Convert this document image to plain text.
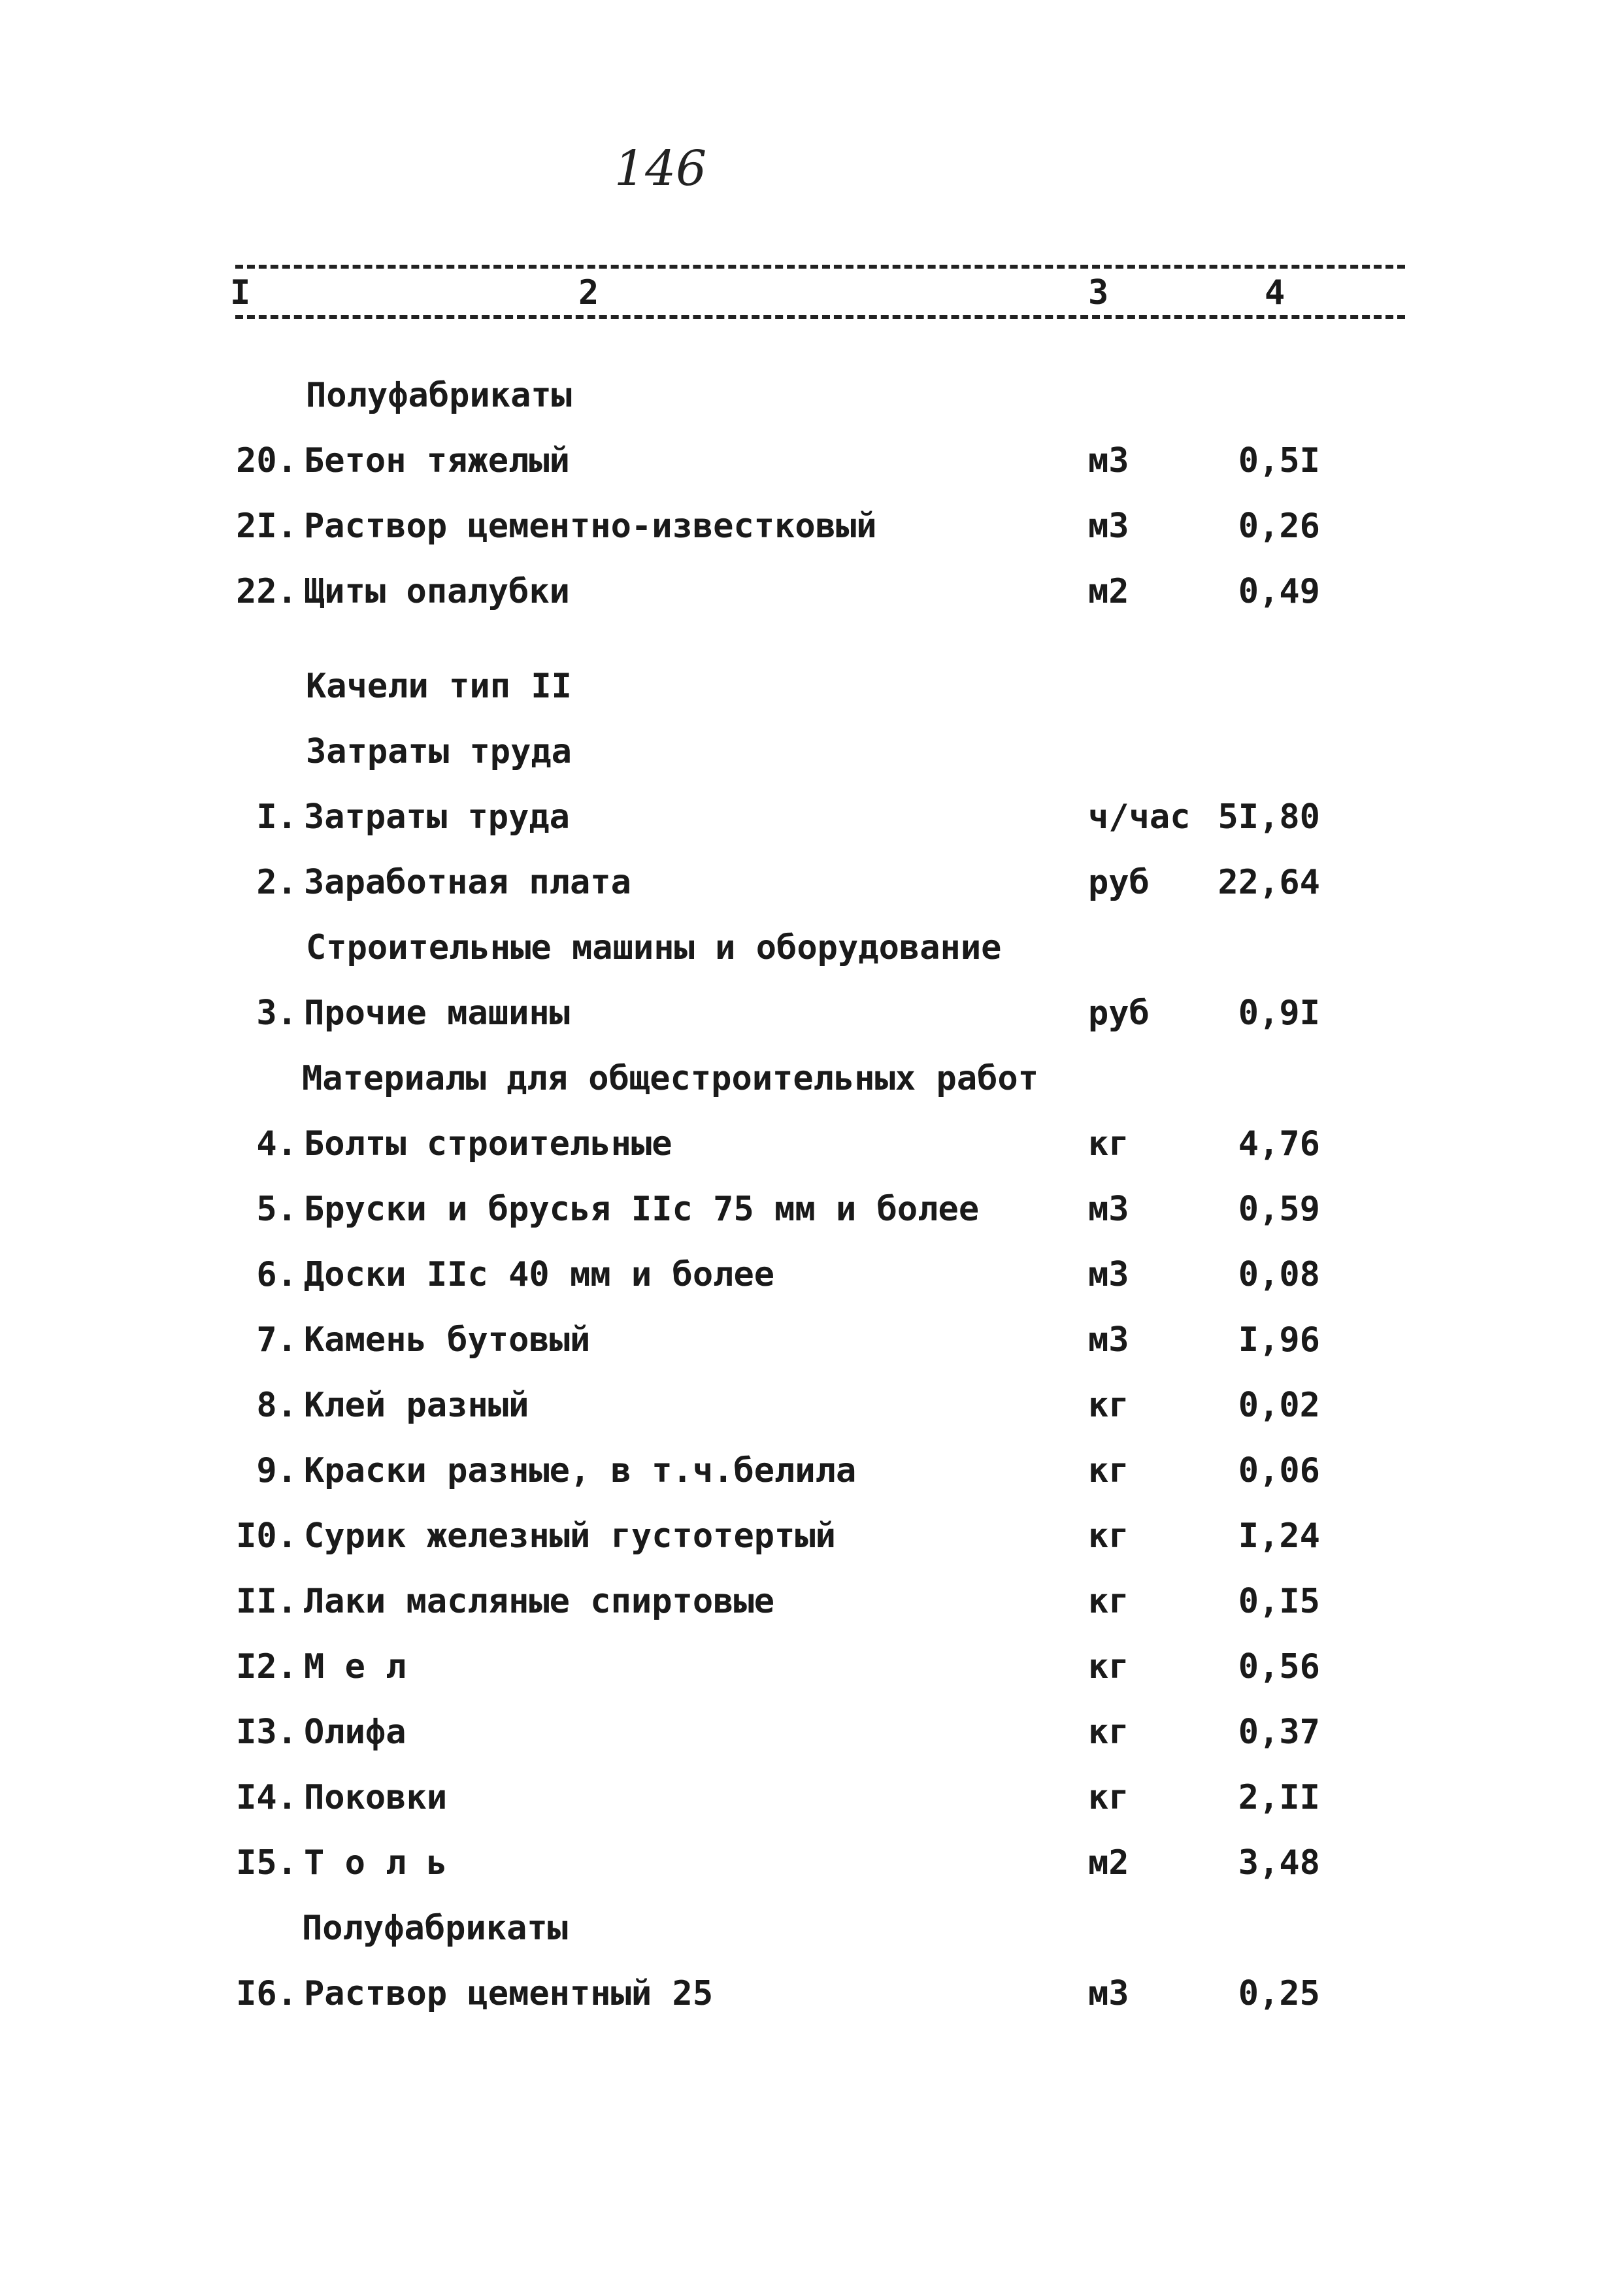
146
I	2	3	4
Полуфабрикаты
20. Бетон тяжелый	м3	0,5I
2I. Раствор цементно-известковый	м3	0,26
22. Щиты опалубки	м2	0,49
Качели тип II
Затраты труда
I. Затраты труда	ч/час 5I,80
2. Заработная плата	руб	22,64
Строительные машины и оборудование
3. Прочие машины	руб	0,9I
Материалы для общестроительных работ
4. Болты строительные	кг	4,76
5. Бруски и брусья IIс 75 мм и более	м3	0,59
6. Доски IIс 40 мм и более	м3	0,08
7. Камень бутовый	м3	I,96
8. Клей разный	кг	0,02
9. Краски разные, в т.ч.белила	кг	0,06
I0. Сурик железный густотертый	кг	I,24
II. Лаки масляные спиртовые	кг	0,I5
I2. М е л	кг	0,56
I3. Олифа	кг	0,37
I4. Поковки	кг	2,II
I5. Т о л ь	м2	3,48
Полуфабрикаты
I6. Раствор цементный 25	м3	0,25
